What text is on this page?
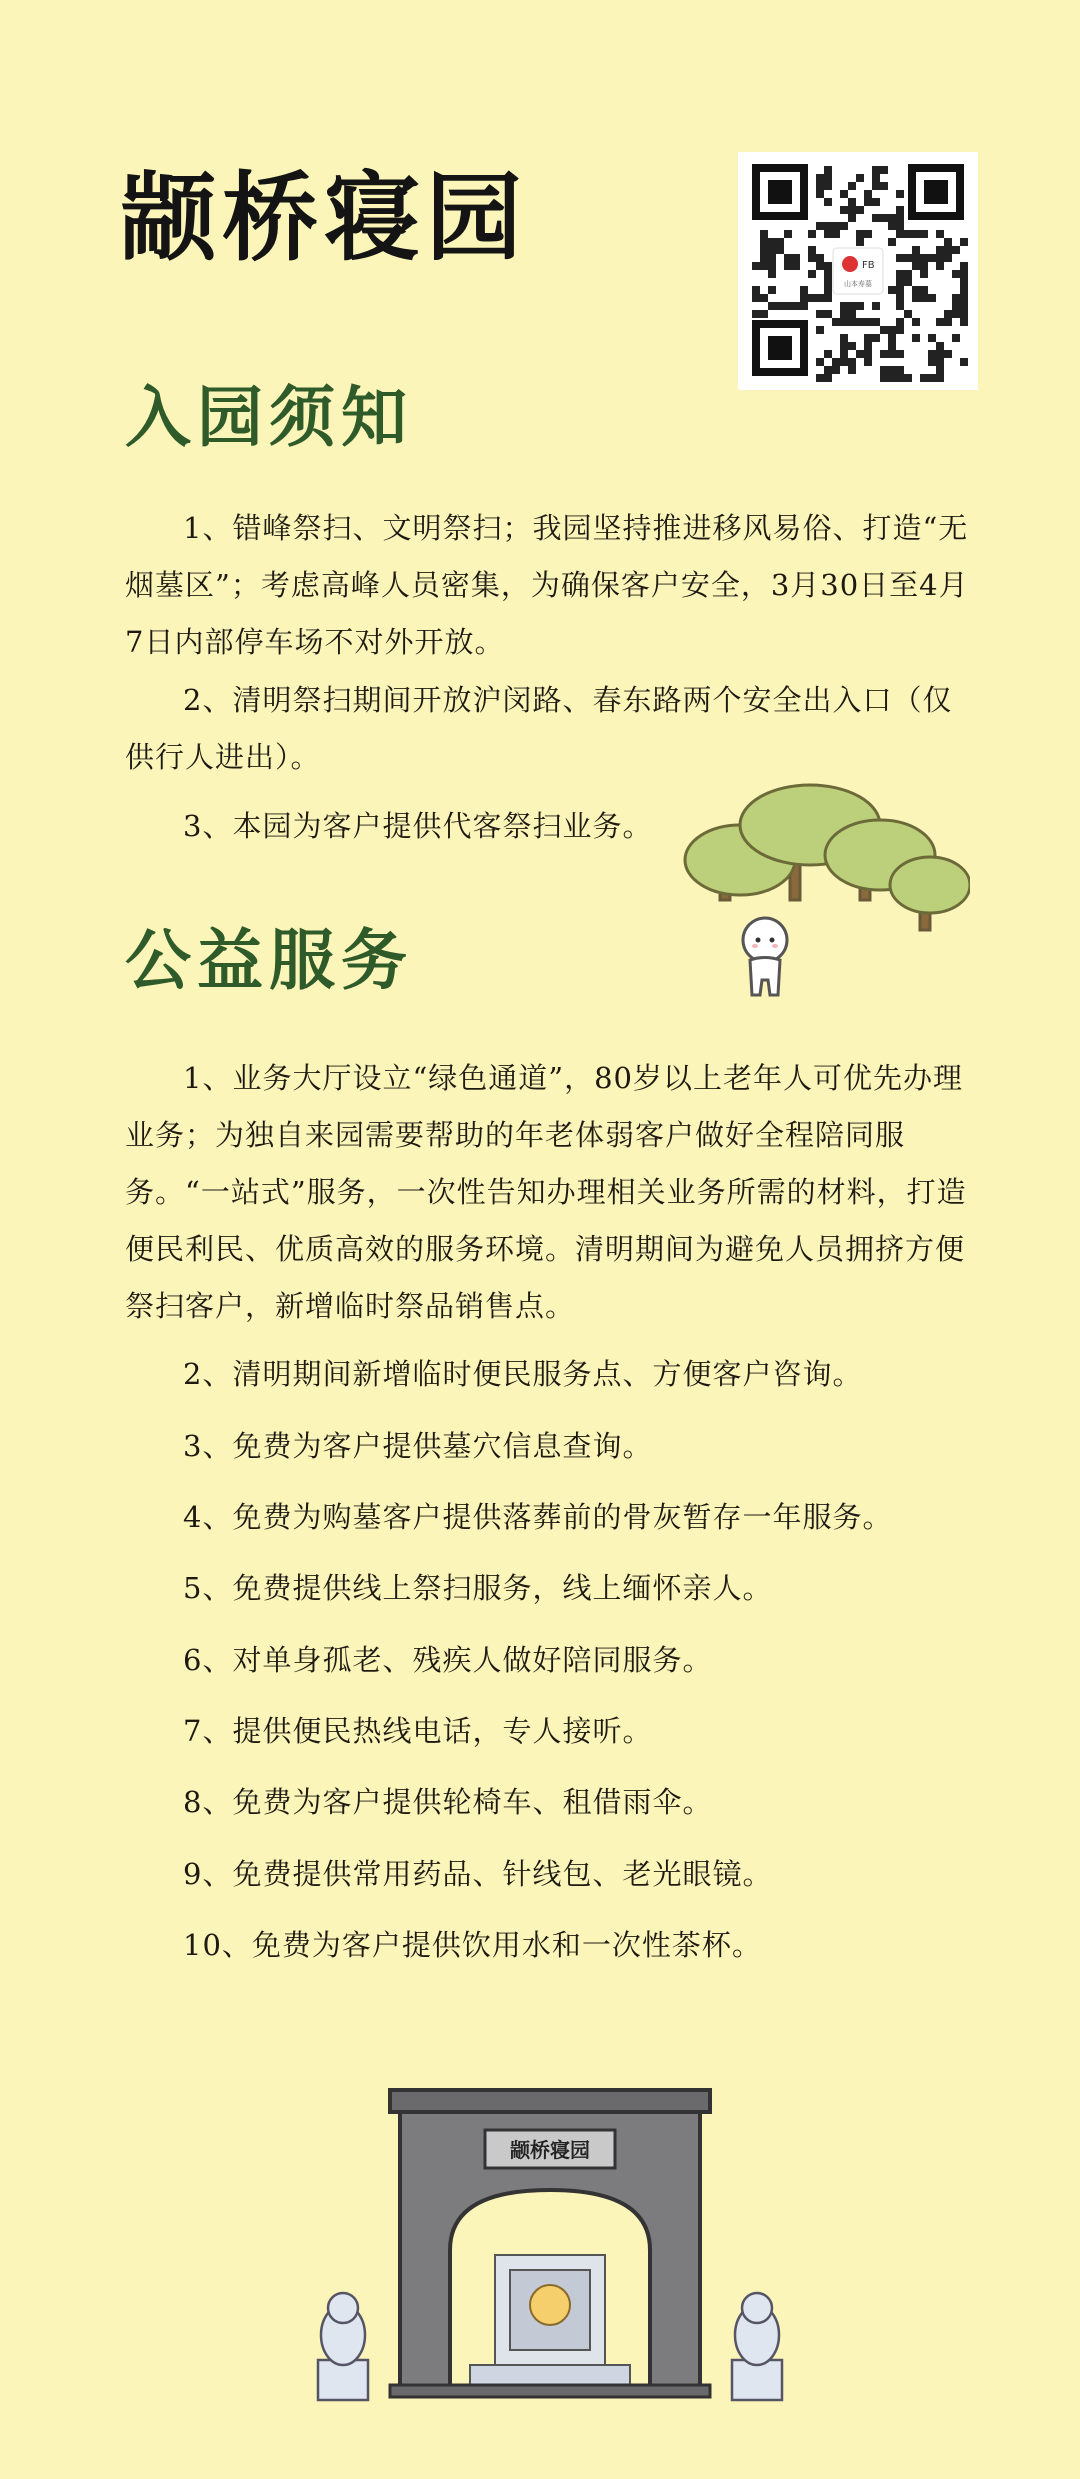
颛桥寝园	FB
山本寿墓
入园须知

1、错峰祭扫、文明祭扫；我园坚持推进移风易俗、打造“无烟墓区”；考虑高峰人员密集，为确保客户安全，3月30日至4月7日内部停车场不对外开放。

2、清明祭扫期间开放沪闵路、春东路两个安全出入口（仅供行人进出）。

3、本园为客户提供代客祭扫业务。

公益服务

1、业务大厅设立“绿色通道”，80岁以上老年人可优先办理业务；为独自来园需要帮助的年老体弱客户做好全程陪同服务。“一站式”服务，一次性告知办理相关业务所需的材料，打造便民利民、优质高效的服务环境。清明期间为避免人员拥挤方便祭扫客户，新增临时祭品销售点。

2、清明期间新增临时便民服务点、方便客户咨询。

3、免费为客户提供墓穴信息查询。

4、免费为购墓客户提供落葬前的骨灰暂存一年服务。

5、免费提供线上祭扫服务，线上缅怀亲人。

6、对单身孤老、残疾人做好陪同服务。

7、提供便民热线电话，专人接听。

8、免费为客户提供轮椅车、租借雨伞。

9、免费提供常用药品、针线包、老光眼镜。

10、免费为客户提供饮用水和一次性茶杯。

颛桥寝园
